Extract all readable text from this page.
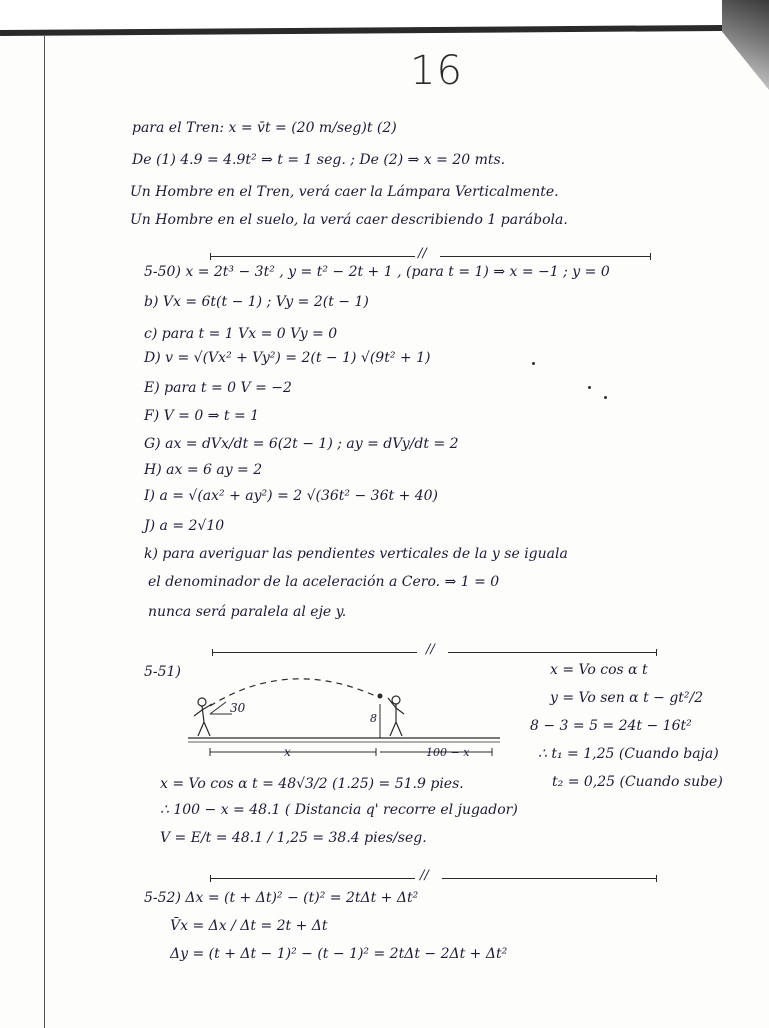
16
para el Tren: x = v̄t = (20 m/seg)t (2)
De (1) 4.9 = 4.9t² ⇒ t = 1 seg. ; De (2) ⇒ x = 20 mts.
Un Hombre en el Tren, verá caer la Lámpara Verticalmente.
Un Hombre en el suelo, la verá caer describiendo 1 parábola.
//
5-50) x = 2t³ − 3t² , y = t² − 2t + 1 , (para t = 1) ⇒ x = −1 ; y = 0
b) Vx = 6t(t − 1) ; Vy = 2(t − 1)
c) para t = 1 Vx = 0 Vy = 0
D) v = √(Vx² + Vy²) = 2(t − 1) √(9t² + 1)
E) para t = 0 V = −2
F) V = 0 ⇒ t = 1
G) ax = dVx/dt = 6(2t − 1) ; ay = dVy/dt = 2
H) ax = 6 ay = 2
I) a = √(ax² + ay²) = 2 √(36t² − 36t + 40)
J) a = 2√10
k) para averiguar las pendientes verticales de la y se iguala
el denominador de la aceleración a Cero. ⇒ 1 = 0
nunca será paralela al eje y.
//
5-51)	x = Vo cos α t
y = Vo sen α t − gt²/2
8 − 3 = 5 = 24t − 16t²
∴ t₁ = 1,25 (Cuando baja)
t₂ = 0,25 (Cuando sube)
30
8
x	100 − x
x = Vo cos α t = 48√3/2 (1.25) = 51.9 pies.
∴ 100 − x = 48.1 ( Distancia q' recorre el jugador)
V = E/t = 48.1 / 1,25 = 38.4 pies/seg.
//
5-52) Δx = (t + Δt)² − (t)² = 2tΔt + Δt²
V̄x = Δx / Δt = 2t + Δt
Δy = (t + Δt − 1)² − (t − 1)² = 2tΔt − 2Δt + Δt²
